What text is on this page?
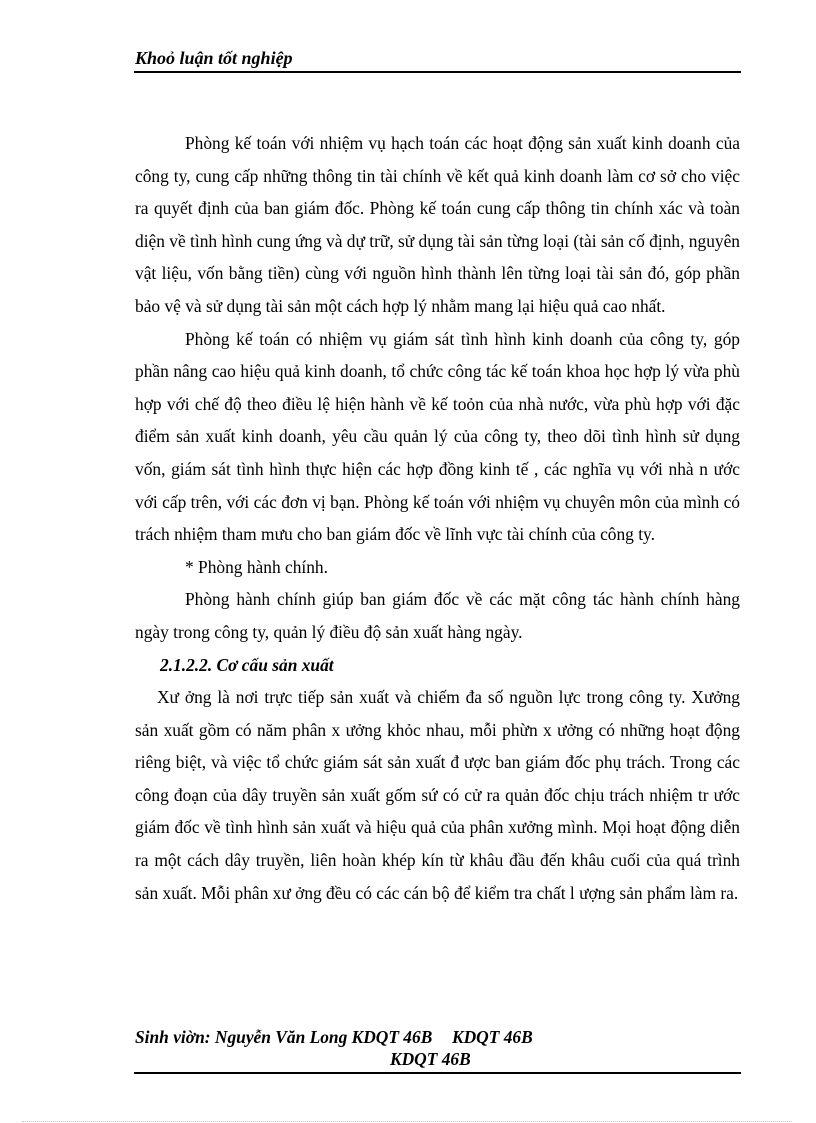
Khoỏ luận tốt nghiệp

Phòng kế toán với nhiệm vụ hạch toán các hoạt động sản xuất kinh doanh của công ty, cung cấp những thông tin tài chính về kết quả kinh doanh làm cơ sở cho việc ra quyết định của ban giám đốc. Phòng kế toán cung cấp thông tin chính xác và toàn diện về tình hình cung ứng và dự trữ, sử dụng tài sản từng loại (tài sản cố định, nguyên vật liệu, vốn bằng tiền) cùng với nguồn hình thành lên từng loại tài sản đó, góp phần bảo vệ và sử dụng tài sản một cách hợp lý nhằm mang lại hiệu quả cao nhất.

Phòng kế toán có nhiệm vụ giám sát tình hình kinh doanh của công ty, góp phần nâng cao hiệu quả kinh doanh, tổ chức công tác kế toán khoa học hợp lý vừa phù hợp với chế độ theo điều lệ hiện hành về kế toỏn của nhà nước, vừa phù hợp với đặc điểm sản xuất kinh doanh, yêu cầu quản lý của công ty, theo dõi tình hình sử dụng vốn, giám sát tình hình thực hiện các hợp đồng kinh tế , các nghĩa vụ với nhà n ước với cấp trên, với các đơn vị bạn. Phòng kế toán với nhiệm vụ chuyên môn của mình có trách nhiệm tham mưu cho ban giám đốc về lĩnh vực tài chính của công ty.

* Phòng hành chính.

Phòng hành chính giúp ban giám đốc về các mặt công tác hành chính hàng ngày trong công ty, quản lý điều độ sản xuất hàng ngày.

2.1.2.2. Cơ cấu sản xuất

Xư ởng là nơi trực tiếp sản xuất và chiếm đa số nguồn lực trong công ty. Xưởng sản xuất gồm có năm phân x ưởng khỏc nhau, mỗi phừn x ưởng có những hoạt động riêng biệt, và việc tổ chức giám sát sản xuất đ ược ban giám đốc phụ trách. Trong các công đoạn của dây truyền sản xuất gốm sứ có cử ra quản đốc chịu trách nhiệm tr ước giám đốc về tình hình sản xuất và hiệu quả của phân xưởng mình. Mọi hoạt động diễn ra một cách dây truyền, liên hoàn khép kín từ khâu đầu đến khâu cuối của quá trình sản xuất. Mỗi phân xư ởng đều có các cán bộ để kiểm tra chất l ượng sản phẩm làm ra.

Sinh viờn: Nguyễn Văn Long KDQT 46B KDQT 46B
KDQT 46B
